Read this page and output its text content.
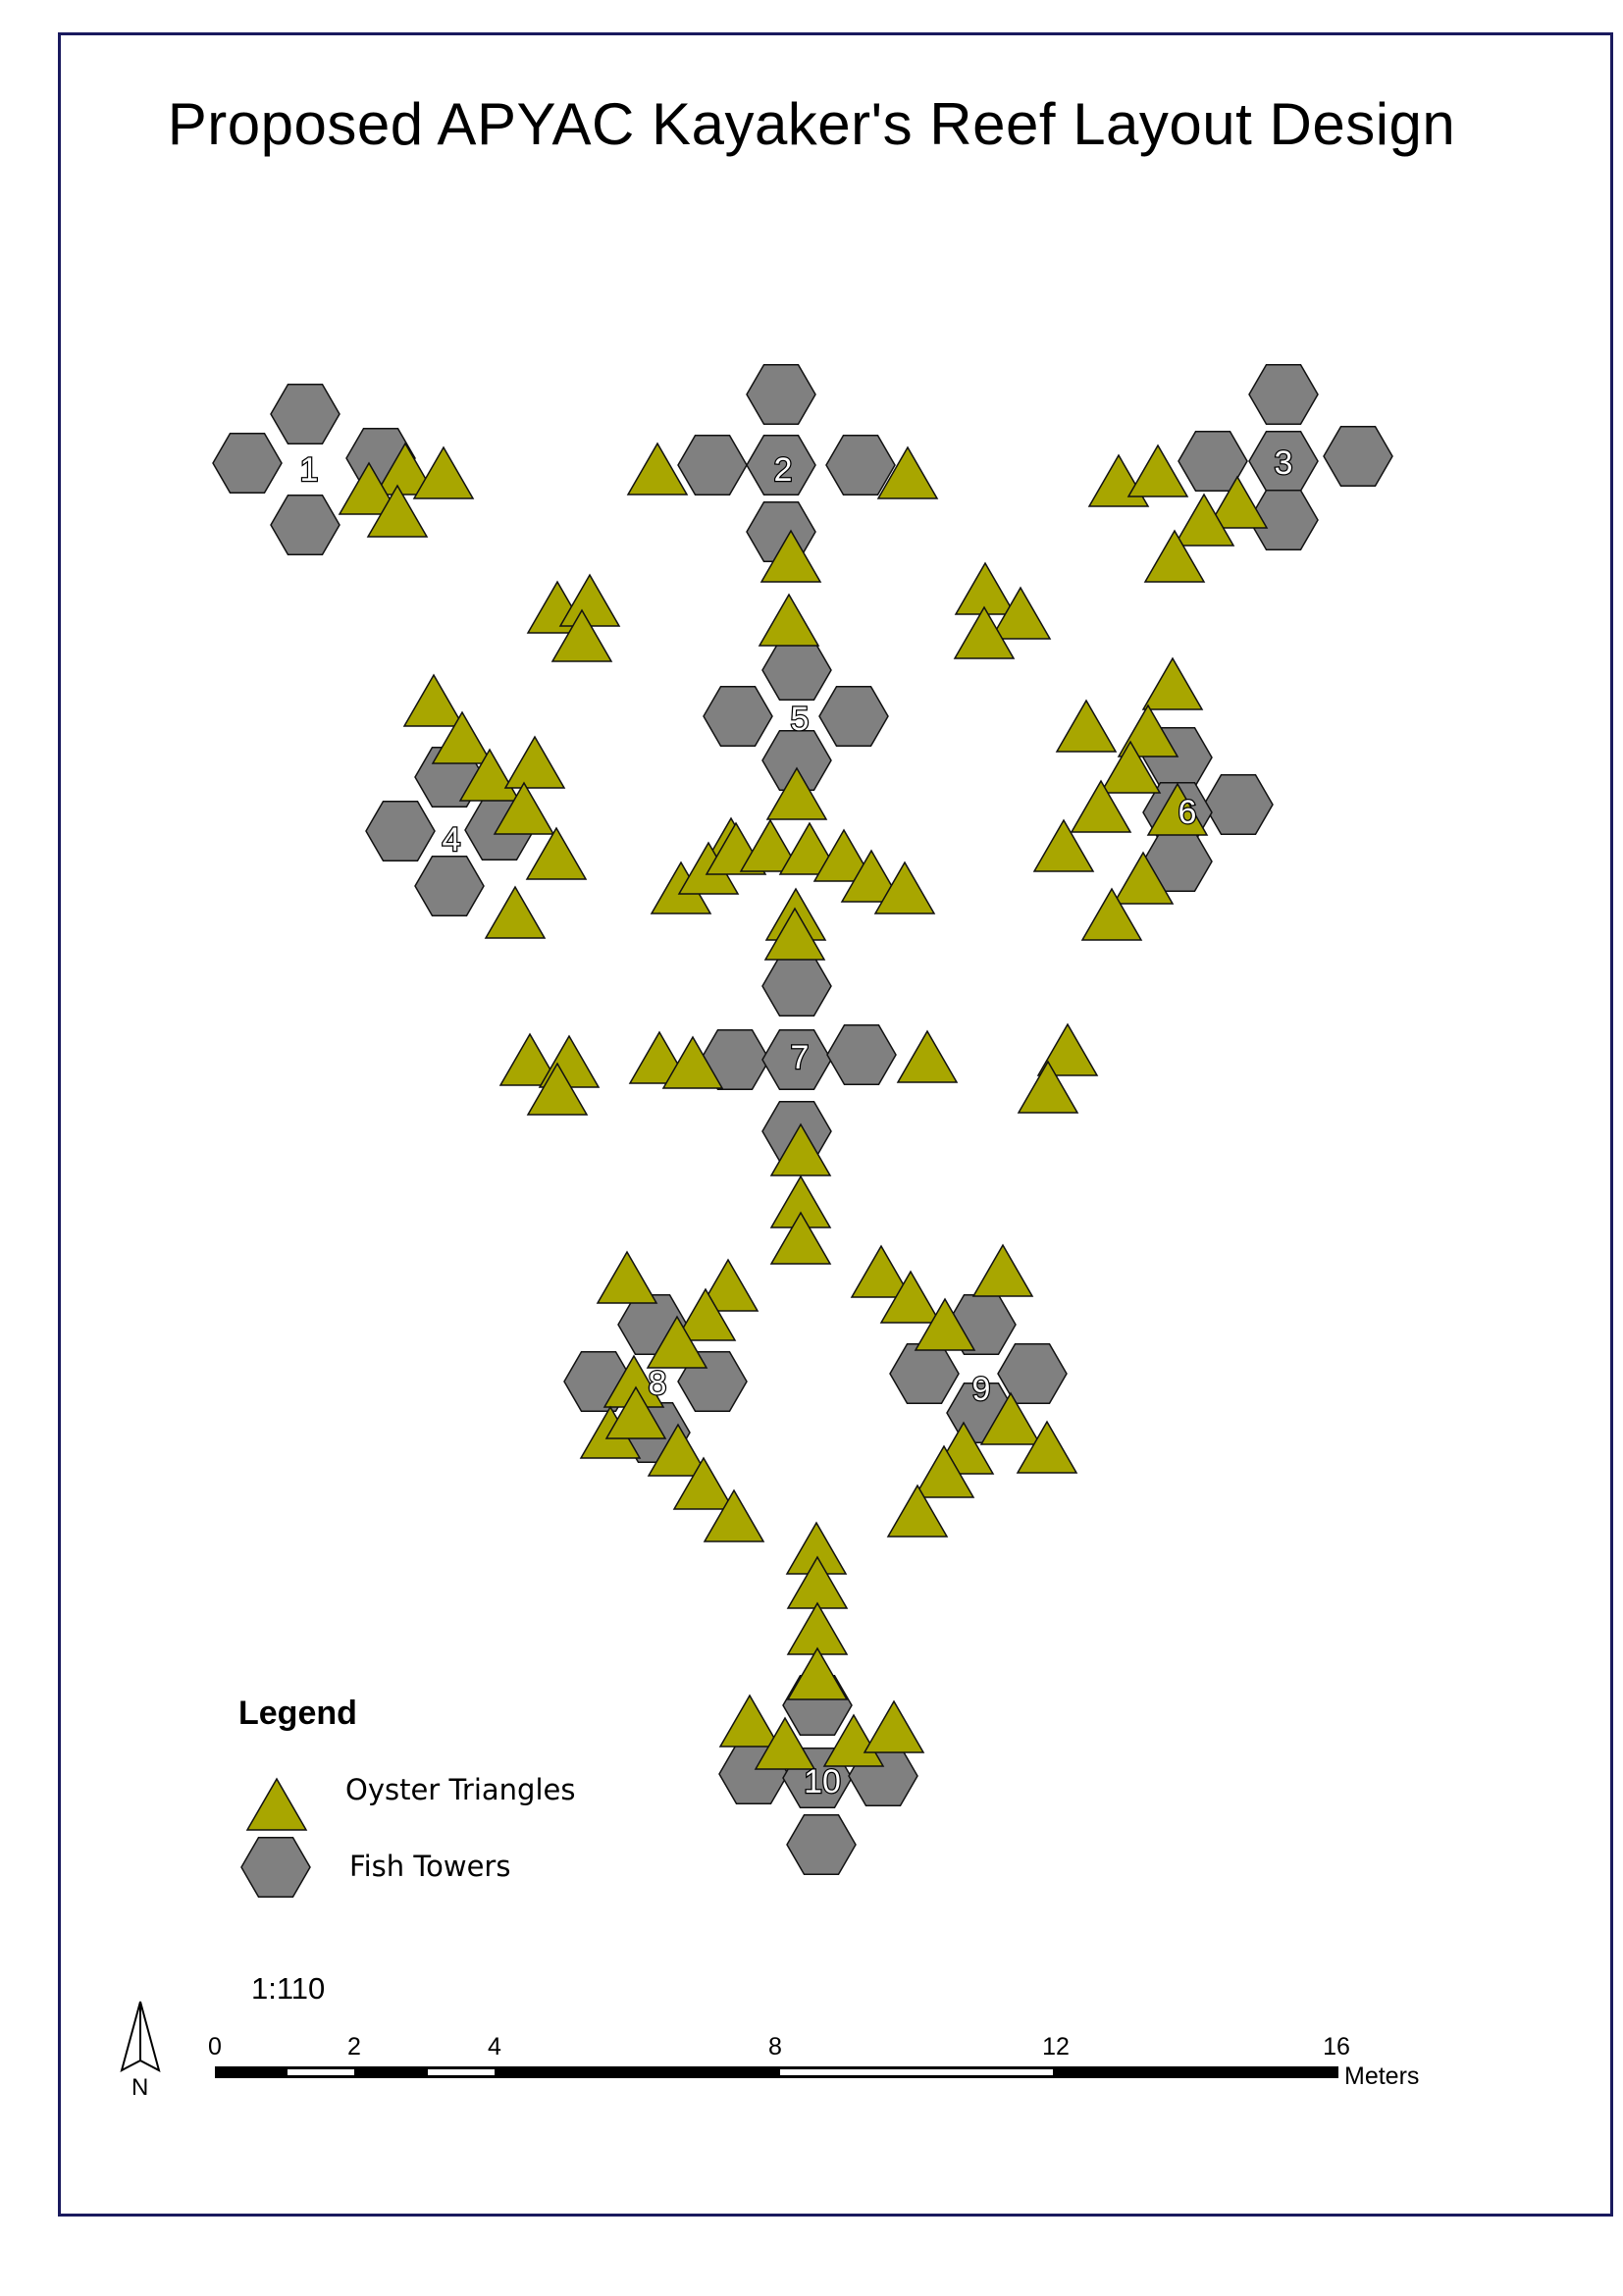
Proposed APYAC Kayaker's Reef Layout Design
1	2	3
4
5
6
7
8	9
10
Legend
Oyster Triangles
Fish Towers
1:110
N
0	2	4	8	12	16
Meters
